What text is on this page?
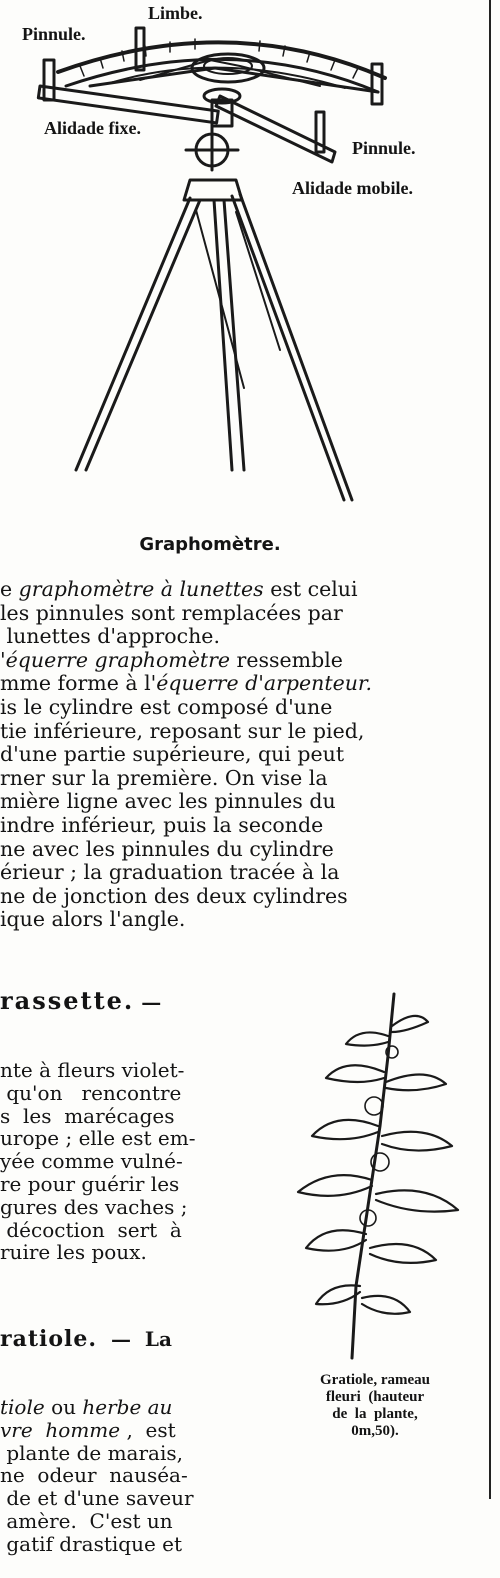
Limbe.
Pinnule.
Alidade fixe.
Pinnule.
Alidade mobile.
Graphomètre.
e graphomètre à lunettes est celui
les pinnules sont remplacées par
lunettes d'approche.
'équerre graphomètre ressemble
mme forme à l'équerre d'arpenteur.
is le cylindre est composé d'une
tie inférieure, reposant sur le pied,
d'une partie supérieure, qui peut
rner sur la première. On vise la
mière ligne avec les pinnules du
indre inférieur, puis la seconde
ne avec les pinnules du cylindre
érieur ; la graduation tracée à la
ne de jonction des deux cylindres
ique alors l'angle.

rassette. —

nte à fleurs violet-
qu'on   rencontre
s  les  marécages
urope ; elle est em-
yée comme vulné-
re pour guérir les
gures des vaches ;
décoction  sert  à
ruire les poux.

ratiole.  —  La

tiole ou herbe au
vre  homme ,  est
plante de marais,
ne  odeur  nauséa-
de et d'une saveur
amère.  C'est un
gatif drastique et

Gratiole, rameau
fleuri  (hauteur
de  la  plante,
0m,50).
